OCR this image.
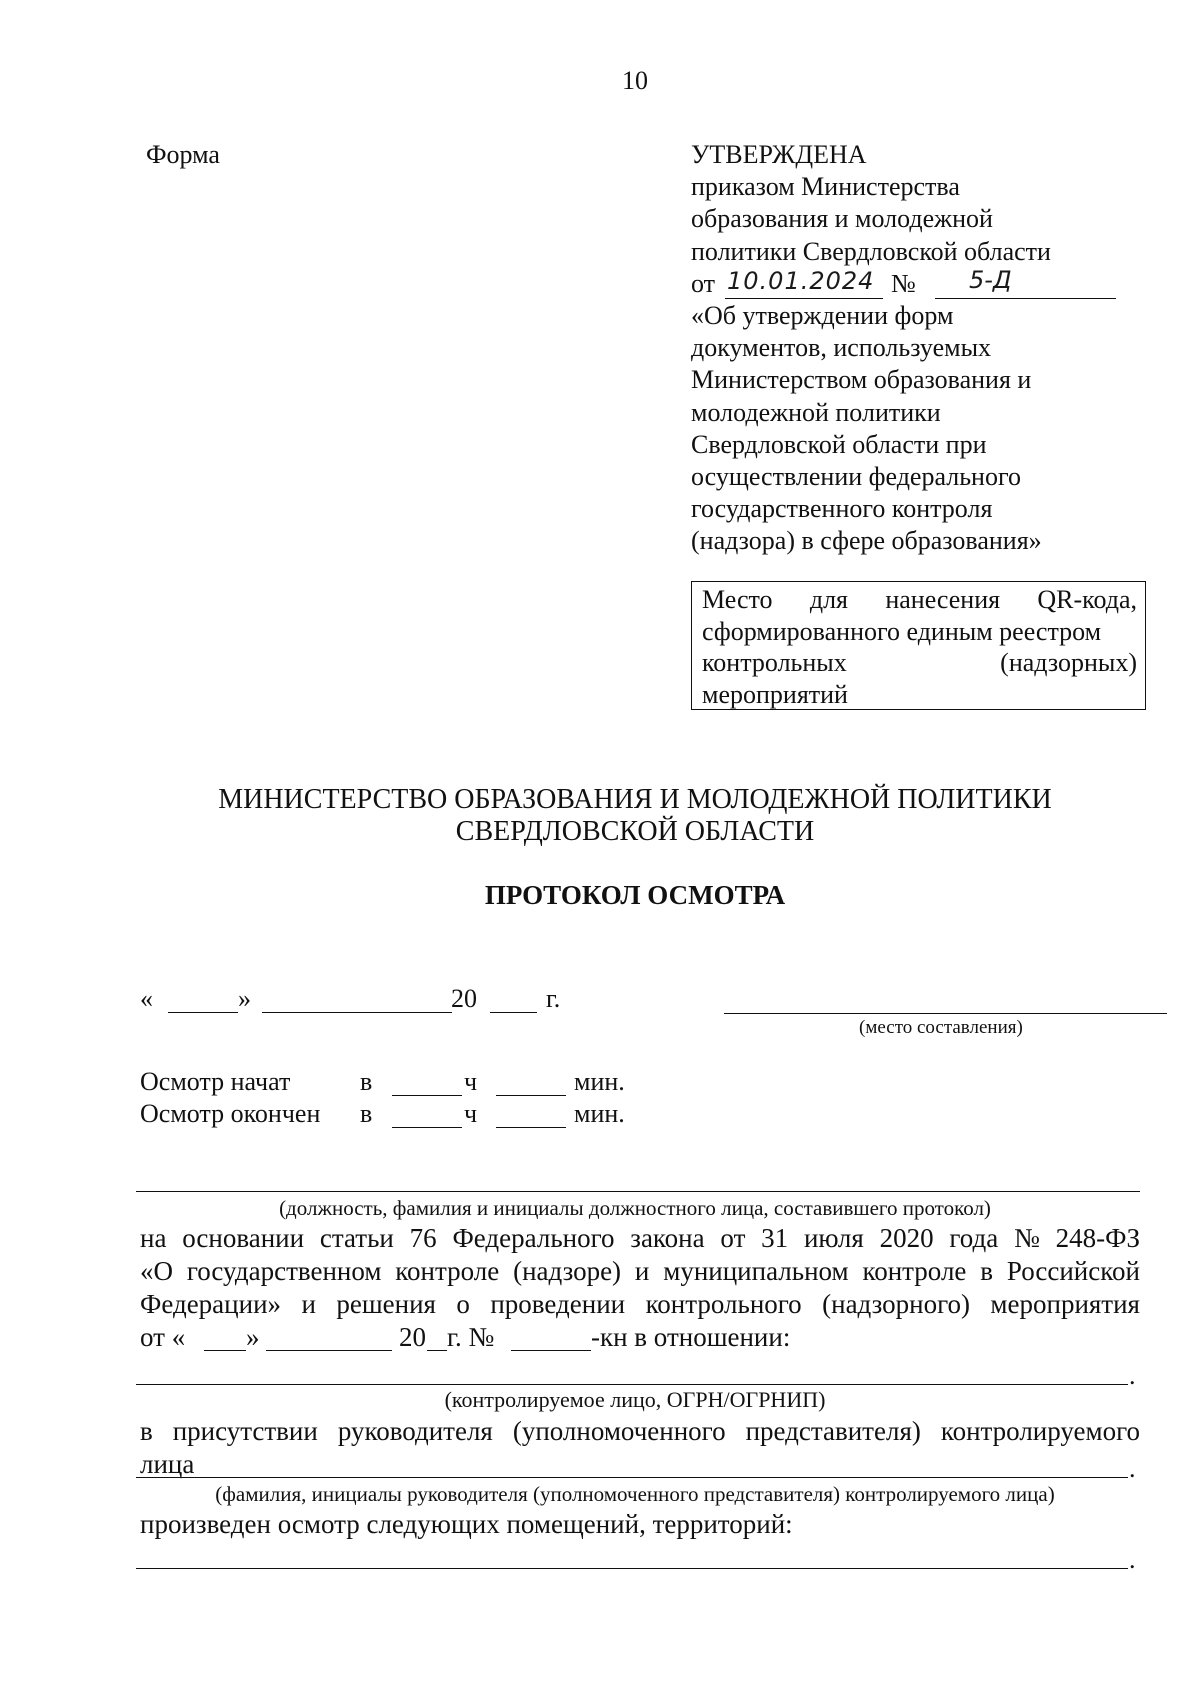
10
Форма	УТВЕРЖДЕНА
приказом Министерства
образования и молодежной
политики Свердловской области
от 10.01.2024 № 5-Д
«Об утверждении форм
документов, используемых
Министерством образования и
молодежной политики
Свердловской области при
осуществлении федерального
государственного контроля
(надзора) в сфере образования»
Место для нанесения QR-кода,
сформированного единым реестром
контрольных	(надзорных)
мероприятий
МИНИСТЕРСТВО ОБРАЗОВАНИЯ И МОЛОДЕЖНОЙ ПОЛИТИКИ
СВЕРДЛОВСКОЙ ОБЛАСТИ
ПРОТОКОЛ ОСМОТРА
«	»	20	г.
(место составления)
Осмотр начат	в	ч	мин.
Осмотр окончен в	ч	мин.
(должность, фамилия и инициалы должностного лица, составившего протокол)
на основании статьи 76 Федерального закона от 31 июля 2020 года № 248-ФЗ
«О государственном контроле (надзоре) и муниципальном контроле в Российской
Федерации» и решения о проведении контрольного (надзорного) мероприятия
от « »	20 г. №	-кн в отношении:
.
(контролируемое лицо, ОГРН/ОГРНИП)
в присутствии руководителя (уполномоченного представителя) контролируемого
лица	.
(фамилия, инициалы руководителя (уполномоченного представителя) контролируемого лица)
произведен осмотр следующих помещений, территорий:
.
